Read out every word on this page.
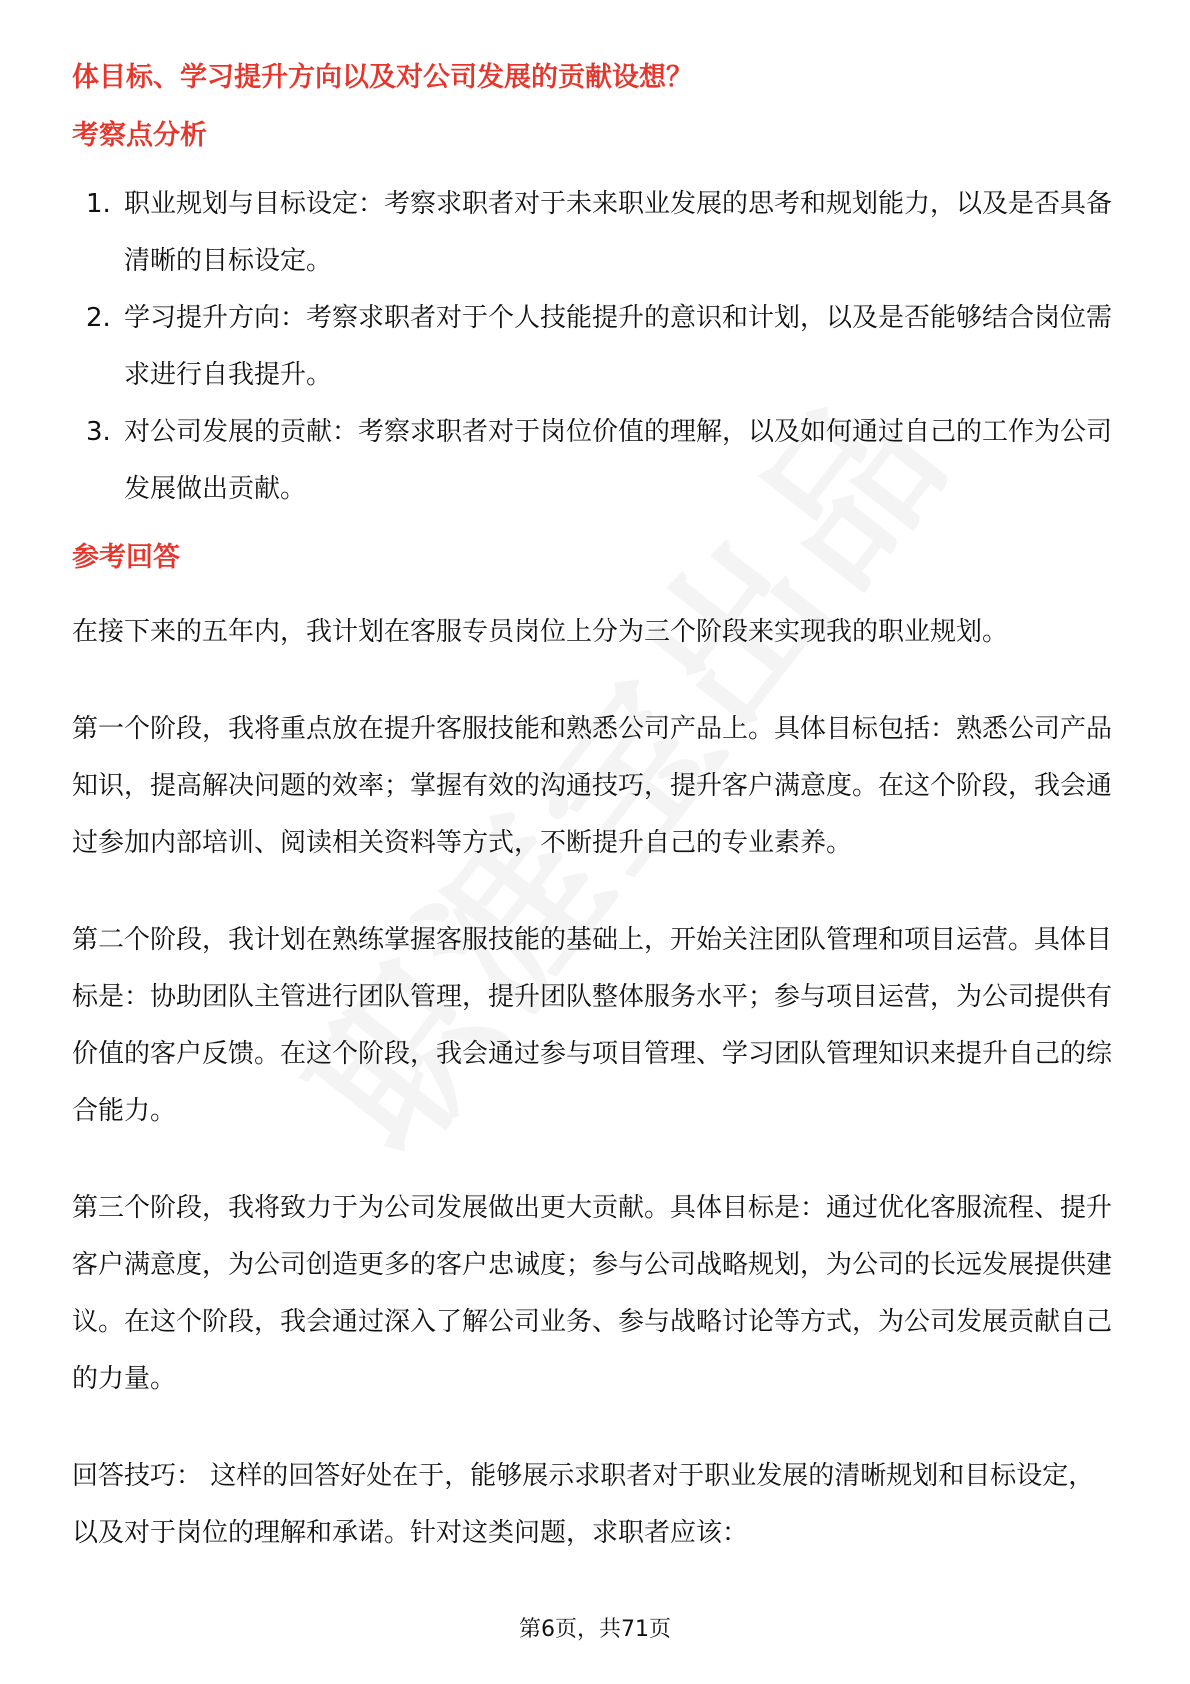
体目标、学习提升方向以及对公司发展的贡献设想？

考察点分析

1. 职业规划与目标设定：考察求职者对于未来职业发展的思考和规划能力，以及是否具备清晰的目标设定。
2. 学习提升方向：考察求职者对于个人技能提升的意识和计划，以及是否能够结合岗位需求进行自我提升。
3. 对公司发展的贡献：考察求职者对于岗位价值的理解，以及如何通过自己的工作为公司发展做出贡献。

参考回答

在接下来的五年内，我计划在客服专员岗位上分为三个阶段来实现我的职业规划。

第一个阶段，我将重点放在提升客服技能和熟悉公司产品上。具体目标包括：熟悉公司产品知识，提高解决问题的效率；掌握有效的沟通技巧，提升客户满意度。在这个阶段，我会通过参加内部培训、阅读相关资料等方式，不断提升自己的专业素养。

第二个阶段，我计划在熟练掌握客服技能的基础上，开始关注团队管理和项目运营。具体目标是：协助团队主管进行团队管理，提升团队整体服务水平；参与项目运营，为公司提供有价值的客户反馈。在这个阶段，我会通过参与项目管理、学习团队管理知识来提升自己的综合能力。

第三个阶段，我将致力于为公司发展做出更大贡献。具体目标是：通过优化客服流程、提升客户满意度，为公司创造更多的客户忠诚度；参与公司战略规划，为公司的长远发展提供建议。在这个阶段，我会通过深入了解公司业务、参与战略讨论等方式，为公司发展贡献自己的力量。

回答技巧： 这样的回答好处在于，能够展示求职者对于职业发展的清晰规划和目标设定，以及对于岗位的理解和承诺。针对这类问题，求职者应该：

第6页，共71页
